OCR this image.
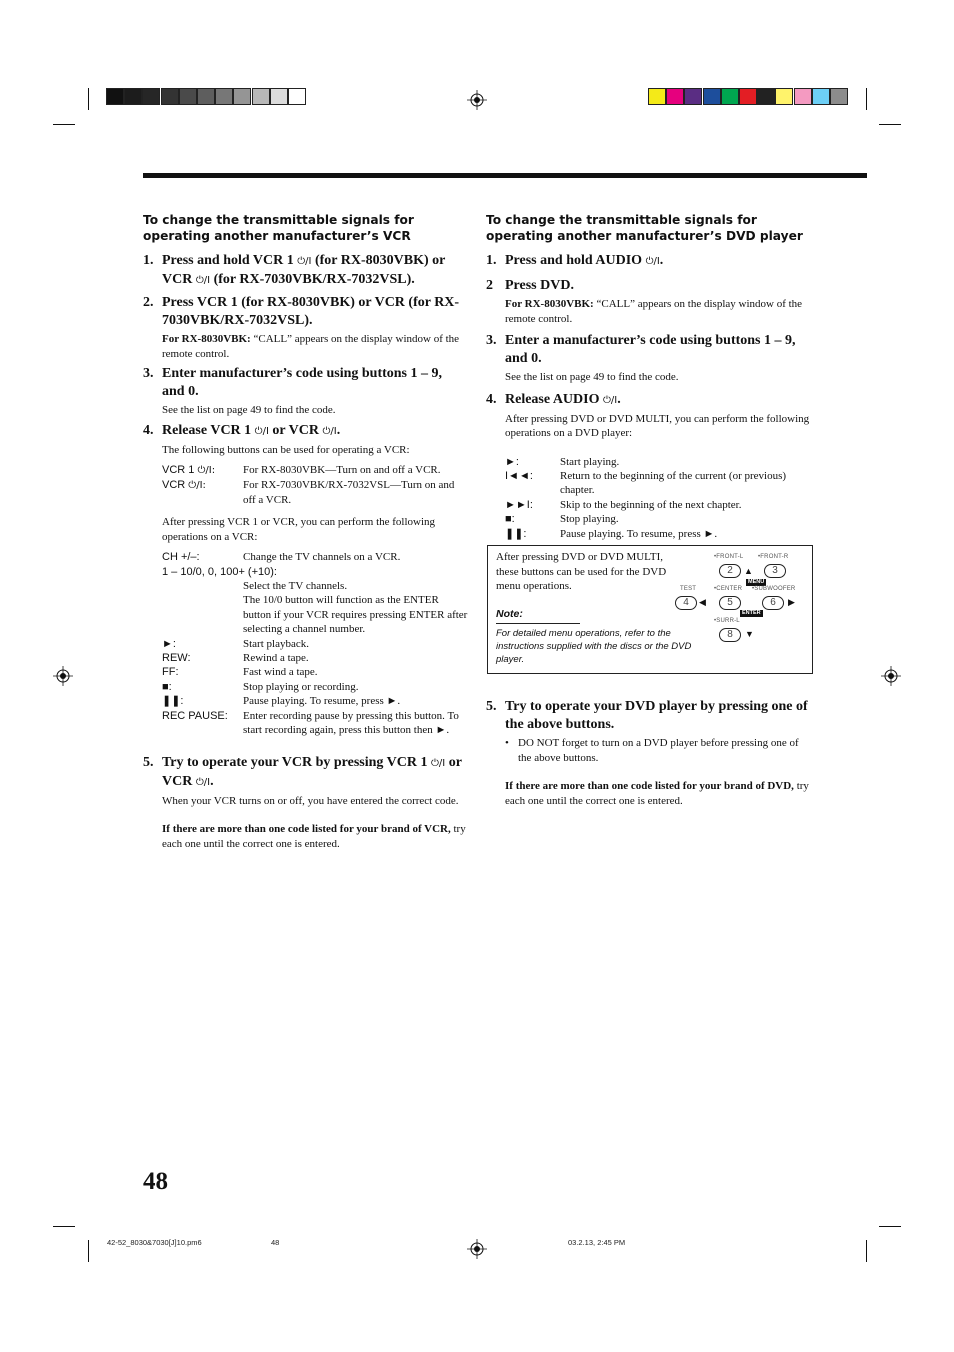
To change the transmittable signals for operating another manufacturer’s VCR
1. Press and hold VCR 1 ⏻/I (for RX-8030VBK) or VCR ⏻/I (for RX-7030VBK/RX-7032VSL).
2. Press VCR 1 (for RX-8030VBK) or VCR (for RX-7030VBK/RX-7032VSL).
For RX-8030VBK: “CALL” appears on the display window of the remote control.
3. Enter manufacturer’s code using buttons 1 – 9, and 0.
See the list on page 49 to find the code.
4. Release VCR 1 ⏻/I or VCR ⏻/I.
The following buttons can be used for operating a VCR:
VCR 1 ⏻/I:	For RX-8030VBK—Turn on and off a VCR.
VCR ⏻/I:	For RX-7030VBK/RX-7032VSL—Turn on and off a VCR.
After pressing VCR 1 or VCR, you can perform the following operations on a VCR:
CH +/–:	Change the TV channels on a VCR.
1 – 10/0, 0, 100+ (+10):
Select the TV channels.
The 10/0 button will function as the ENTER button if your VCR requires pressing ENTER after selecting a channel number.
►:	Start playback.
REW:	Rewind a tape.
FF:	Fast wind a tape.
■:	Stop playing or recording.
❚❚:	Pause playing. To resume, press ►.
REC PAUSE:	Enter recording pause by pressing this button. To start recording again, press this button then ►.
5. Try to operate your VCR by pressing VCR 1 ⏻/I or VCR ⏻/I.
When your VCR turns on or off, you have entered the correct code.
If there are more than one code listed for your brand of VCR, try each one until the correct one is entered.
To change the transmittable signals for operating another manufacturer’s DVD player
1. Press and hold AUDIO ⏻/I.
2 Press DVD.
For RX-8030VBK: “CALL” appears on the display window of the remote control.
3. Enter a manufacturer’s code using buttons 1 – 9, and 0.
See the list on page 49 to find the code.
4. Release AUDIO ⏻/I.
After pressing DVD or DVD MULTI, you can perform the following operations on a DVD player:
►:	Start playing.
I◄◄:	Return to the beginning of the current (or previous) chapter.
►►I:	Skip to the beginning of the next chapter.
■:	Stop playing.
❚❚:	Pause playing. To resume, press ►.
After pressing DVD or DVD MULTI, these buttons can be used for the DVD menu operations.
Note:
For detailed menu operations, refer to the instructions supplied with the discs or the DVD player.
•FRONT-L •FRONT-R
2	▲	3
MENU
TEST	•CENTER •SUBWOOFER
4	◀	5	6	▶
ENTER
•SURR-L
8	▼
5. Try to operate your DVD player by pressing one of the above buttons.
• DO NOT forget to turn on a DVD player before pressing one of the above buttons.
If there are more than one code listed for your brand of DVD, try each one until the correct one is entered.
48
42-52_8030&7030[J]10.pm6	48	03.2.13, 2:45 PM
